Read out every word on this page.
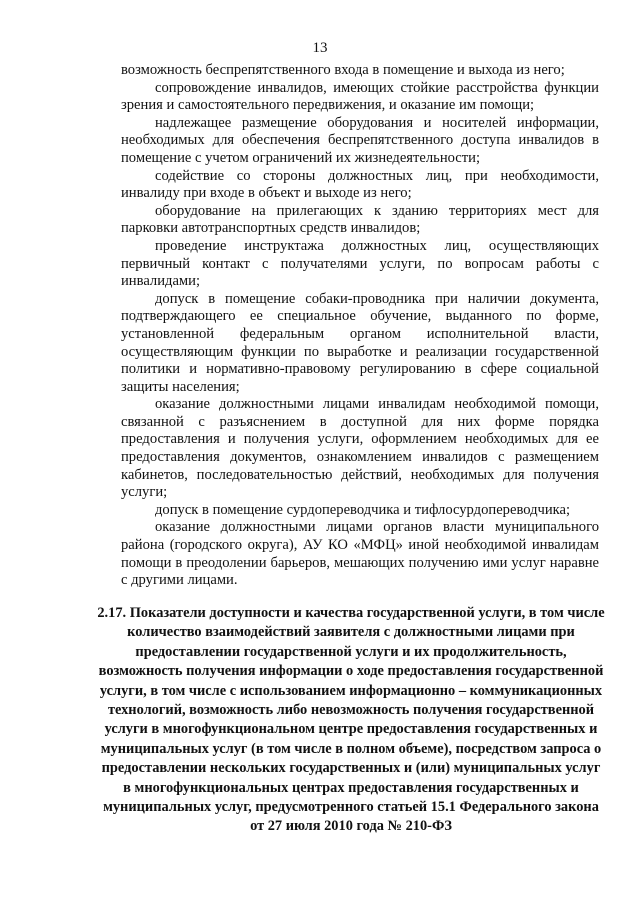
13

возможность беспрепятственного входа в помещение и выхода из него;

сопровождение инвалидов, имеющих стойкие расстройства функции зрения и самостоятельного передвижения, и оказание им помощи;

надлежащее размещение оборудования и носителей информации, необходимых для обеспечения беспрепятственного доступа инвалидов в помещение с учетом ограничений их жизнедеятельности;

содействие со стороны должностных лиц, при необходимости, инвалиду при входе в объект и выходе из него;

оборудование на прилегающих к зданию территориях мест для парковки автотранспортных средств инвалидов;

проведение инструктажа должностных лиц, осуществляющих первичный контакт с получателями услуги, по вопросам работы с инвалидами;

допуск в помещение собаки-проводника при наличии документа, подтверждающего ее специальное обучение, выданного по форме, установленной федеральным органом исполнительной власти, осуществляющим функции по выработке и реализации государственной политики и нормативно-правовому регулированию в сфере социальной защиты населения;

оказание должностными лицами инвалидам необходимой помощи, связанной с разъяснением в доступной для них форме порядка предоставления и получения услуги, оформлением необходимых для ее предоставления документов, ознакомлением инвалидов с размещением кабинетов, последовательностью действий, необходимых для получения услуги;

допуск в помещение сурдопереводчика и тифлосурдопереводчика;

оказание должностными лицами органов власти муниципального района (городского округа), АУ КО «МФЦ» иной необходимой инвалидам помощи в преодолении барьеров, мешающих получению ими услуг наравне с другими лицами.

2.17. Показатели доступности и качества государственной услуги, в том числе количество взаимодействий заявителя с должностными лицами при предоставлении государственной услуги и их продолжительность, возможность получения информации о ходе предоставления государственной услуги, в том числе с использованием информационно – коммуникационных технологий, возможность либо невозможность получения государственной услуги в многофункциональном центре предоставления государственных и муниципальных услуг (в том числе в полном объеме), посредством запроса о предоставлении нескольких государственных и (или) муниципальных услуг в многофункциональных центрах предоставления государственных и муниципальных услуг, предусмотренного статьей 15.1 Федерального закона от 27 июля 2010 года № 210-ФЗ
